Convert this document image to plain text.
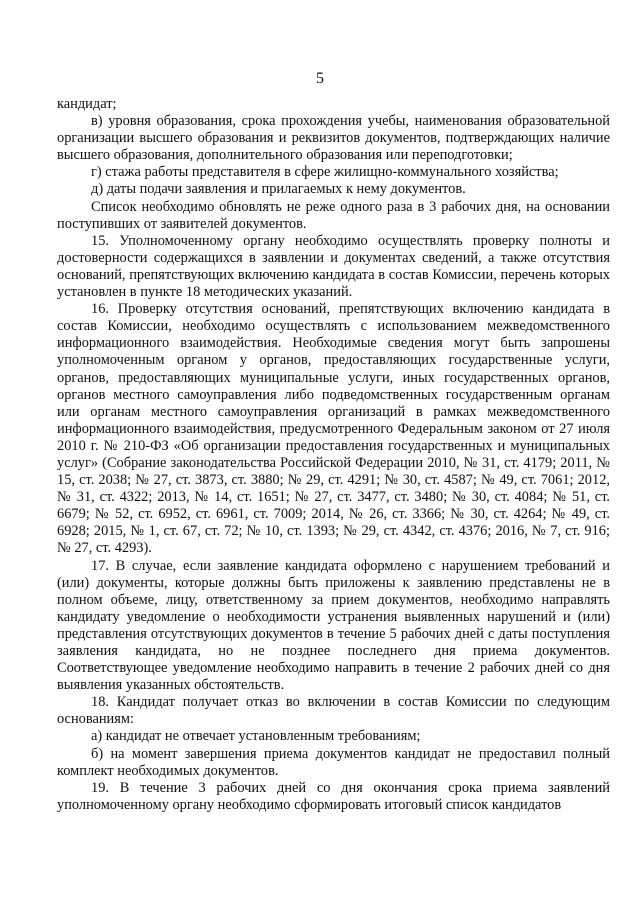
5

кандидат;

в) уровня образования, срока прохождения учебы, наименования образовательной организации высшего образования и реквизитов документов, подтверждающих наличие высшего образования, дополнительного образования или переподготовки;

г) стажа работы представителя в сфере жилищно-коммунального хозяйства;

д) даты подачи заявления и прилагаемых к нему документов.

Список необходимо обновлять не реже одного раза в 3 рабочих дня, на основании поступивших от заявителей документов.

15. Уполномоченному органу необходимо осуществлять проверку полноты и достоверности содержащихся в заявлении и документах сведений, а также отсутствия оснований, препятствующих включению кандидата в состав Комиссии, перечень которых установлен в пункте 18 методических указаний.

16. Проверку отсутствия оснований, препятствующих включению кандидата в состав Комиссии, необходимо осуществлять с использованием межведомственного информационного взаимодействия. Необходимые сведения могут быть запрошены уполномоченным органом у органов, предоставляющих государственные услуги, органов, предоставляющих муниципальные услуги, иных государственных органов, органов местного самоуправления либо подведомственных государственным органам или органам местного самоуправления организаций в рамках межведомственного информационного взаимодействия, предусмотренного Федеральным законом от 27 июля 2010 г. № 210-ФЗ «Об организации предоставления государственных и муниципальных услуг» (Собрание законодательства Российской Федерации 2010, № 31, ст. 4179; 2011, № 15, ст. 2038; № 27, ст. 3873, ст. 3880; № 29, ст. 4291; № 30, ст. 4587; № 49, ст. 7061; 2012, № 31, ст. 4322; 2013, № 14, ст. 1651; № 27, ст. 3477, ст. 3480; № 30, ст. 4084; № 51, ст. 6679; № 52, ст. 6952, ст. 6961, ст. 7009; 2014, № 26, ст. 3366; № 30, ст. 4264; № 49, ст. 6928; 2015, № 1, ст. 67, ст. 72; № 10, ст. 1393; № 29, ст. 4342, ст. 4376; 2016, № 7, ст. 916; № 27, ст. 4293).

17. В случае, если заявление кандидата оформлено с нарушением требований и (или) документы, которые должны быть приложены к заявлению представлены не в полном объеме, лицу, ответственному за прием документов, необходимо направлять кандидату уведомление о необходимости устранения выявленных нарушений и (или) представления отсутствующих документов в течение 5 рабочих дней с даты поступления заявления кандидата, но не позднее последнего дня приема документов. Соответствующее уведомление необходимо направить в течение 2 рабочих дней со дня выявления указанных обстоятельств.

18. Кандидат получает отказ во включении в состав Комиссии по следующим основаниям:

а) кандидат не отвечает установленным требованиям;

б) на момент завершения приема документов кандидат не предоставил полный комплект необходимых документов.

19. В течение 3 рабочих дней со дня окончания срока приема заявлений уполномоченному органу необходимо сформировать итоговый список кандидатов
